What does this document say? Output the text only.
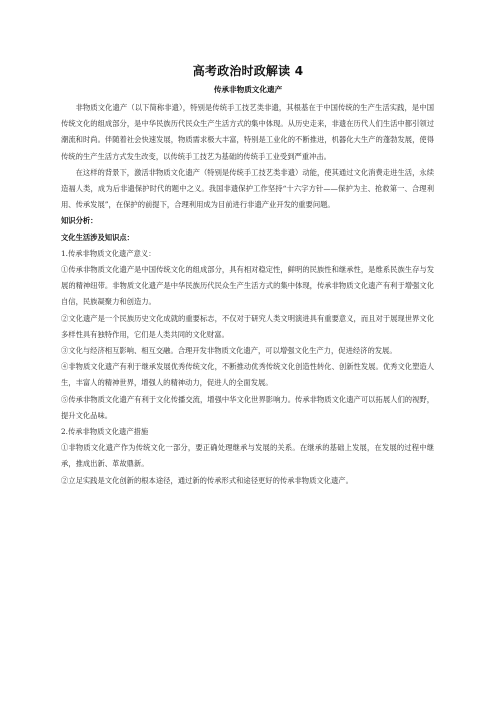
高考政治时政解读 4
传承非物质文化遗产

非物质文化遗产（以下简称非遗），特别是传统手工技艺类非遗，其根基在于中国传统的生产生活实践，是中国传统文化的组成部分，是中华民族历代民众生产生活方式的集中体现。从历史走来，非遗在历代人们生活中都引领过潮流和时尚。伴随着社会快速发展，物质需求极大丰富，特别是工业化的不断推进，机器化大生产的蓬勃发展，使得传统的生产生活方式发生改变，以传统手工技艺为基础的传统手工业受到严重冲击。

在这样的背景下，激活非物质文化遗产（特别是传统手工技艺类非遗）动能，使其通过文化消费走进生活，永续造福人类，成为后非遗保护时代的题中之义。我国非遗保护工作坚持“十六字方针——保护为主、抢救第一、合理利用、传承发展”，在保护的前提下，合理利用成为目前进行非遗产业开发的重要问题。

知识分析：

文化生活涉及知识点：

1.传承非物质文化遗产意义：

①传承非物质文化遗产是中国传统文化的组成部分，具有相对稳定性，鲜明的民族性和继承性，是维系民族生存与发展的精神纽带。非物质文化遗产是中华民族历代民众生产生活方式的集中体现，传承非物质文化遗产有利于增强文化自信，民族凝聚力和创造力。

②文化遗产是一个民族历史文化成就的重要标志，不仅对于研究人类文明演进具有重要意义，而且对于展现世界文化多样性具有独特作用，它们是人类共同的文化财富。

③文化与经济相互影响、相互交融。合理开发非物质文化遗产，可以增强文化生产力，促进经济的发展。

④非物质文化遗产有利于继承发展优秀传统文化，不断推动优秀传统文化创造性转化、创新性发展。优秀文化塑造人生，丰富人的精神世界，增强人的精神动力，促进人的全面发展。

⑤传承非物质文化遗产有利于文化传播交流，增强中华文化世界影响力。传承非物质文化遗产可以拓展人们的视野，提升文化品味。

2.传承非物质文化遗产措施

①非物质文化遗产作为传统文化一部分，要正确处理继承与发展的关系。在继承的基础上发展，在发展的过程中继承，推成出新、革故鼎新。

②立足实践是文化创新的根本途径，通过新的传承形式和途径更好的传承非物质文化遗产。
